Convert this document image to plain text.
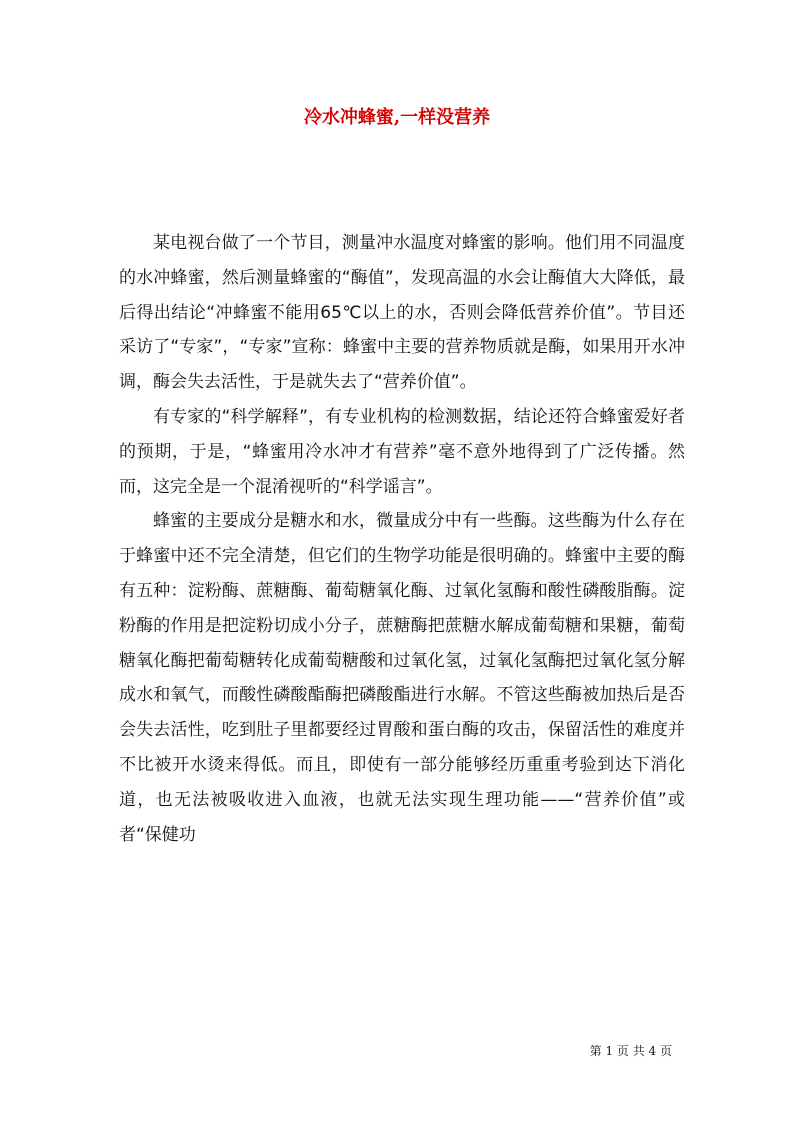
冷水冲蜂蜜,一样没营养

某电视台做了一个节目，测量冲水温度对蜂蜜的影响。他们用不同温度的水冲蜂蜜，然后测量蜂蜜的“酶值”，发现高温的水会让酶值大大降低，最后得出结论“冲蜂蜜不能用65℃以上的水，否则会降低营养价值”。节目还采访了“专家”，“专家”宣称：蜂蜜中主要的营养物质就是酶，如果用开水冲调，酶会失去活性，于是就失去了“营养价值”。

有专家的“科学解释”，有专业机构的检测数据，结论还符合蜂蜜爱好者的预期，于是，“蜂蜜用冷水冲才有营养”毫不意外地得到了广泛传播。然而，这完全是一个混淆视听的“科学谣言”。

蜂蜜的主要成分是糖水和水，微量成分中有一些酶。这些酶为什么存在于蜂蜜中还不完全清楚，但它们的生物学功能是很明确的。蜂蜜中主要的酶有五种：淀粉酶、蔗糖酶、葡萄糖氧化酶、过氧化氢酶和酸性磷酸脂酶。淀粉酶的作用是把淀粉切成小分子，蔗糖酶把蔗糖水解成葡萄糖和果糖，葡萄糖氧化酶把葡萄糖转化成葡萄糖酸和过氧化氢，过氧化氢酶把过氧化氢分解成水和氧气，而酸性磷酸酯酶把磷酸酯进行水解。不管这些酶被加热后是否会失去活性，吃到肚子里都要经过胃酸和蛋白酶的攻击，保留活性的难度并不比被开水烫来得低。而且，即使有一部分能够经历重重考验到达下消化道，也无法被吸收进入血液，也就无法实现生理功能——“营养价值”或者“保健功

第 1 页 共 4 页
